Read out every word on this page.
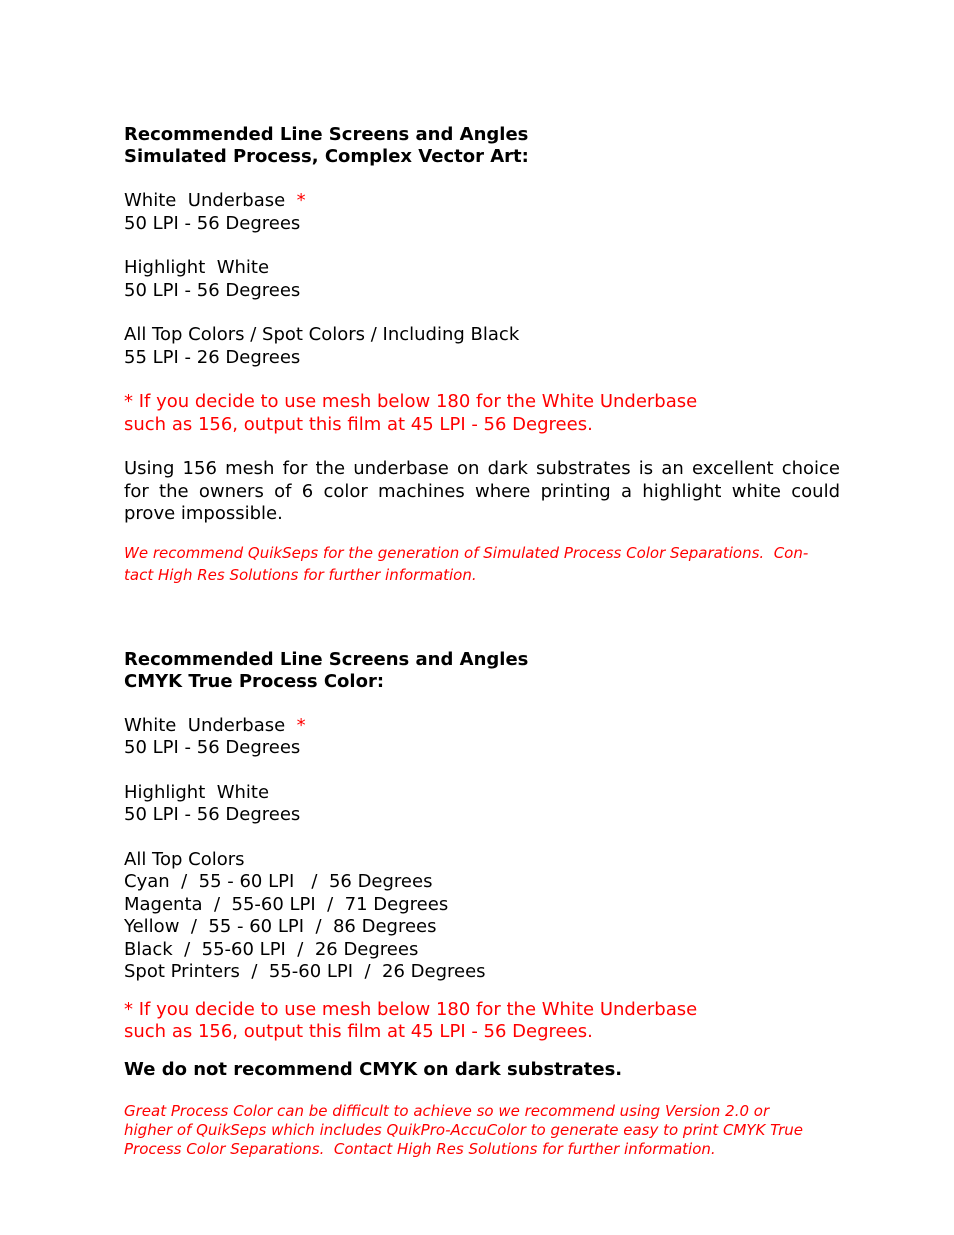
Recommended Line Screens and Angles
Simulated Process, Complex Vector Art:
White  Underbase *
50 LPI - 56 Degrees
Highlight  White
50 LPI - 56 Degrees
All Top Colors / Spot Colors / Including Black
55 LPI - 26 Degrees
* If you decide to use mesh below 180 for the White Underbase
such as 156, output this film at 45 LPI - 56 Degrees.
Using 156 mesh for the underbase on dark substrates is an excellent choice for the owners of 6 color machines where printing a highlight white could prove impossible.
We recommend QuikSeps for the generation of Simulated Process Color Separations.  Con-
tact High Res Solutions for further information.
Recommended Line Screens and Angles
CMYK True Process Color:
White  Underbase *
50 LPI - 56 Degrees
Highlight  White
50 LPI - 56 Degrees
All Top Colors
Cyan  /  55 - 60 LPI   /  56 Degrees
Magenta  /  55-60 LPI  /  71 Degrees
Yellow  /  55 - 60 LPI  /  86 Degrees
Black  /  55-60 LPI  /  26 Degrees
Spot Printers  /  55-60 LPI  /  26 Degrees
* If you decide to use mesh below 180 for the White Underbase
such as 156, output this film at 45 LPI - 56 Degrees.
We do not recommend CMYK on dark substrates.
Great Process Color can be difficult to achieve so we recommend using Version 2.0 or
higher of QuikSeps which includes QuikPro-AccuColor to generate easy to print CMYK True
Process Color Separations.  Contact High Res Solutions for further information.
